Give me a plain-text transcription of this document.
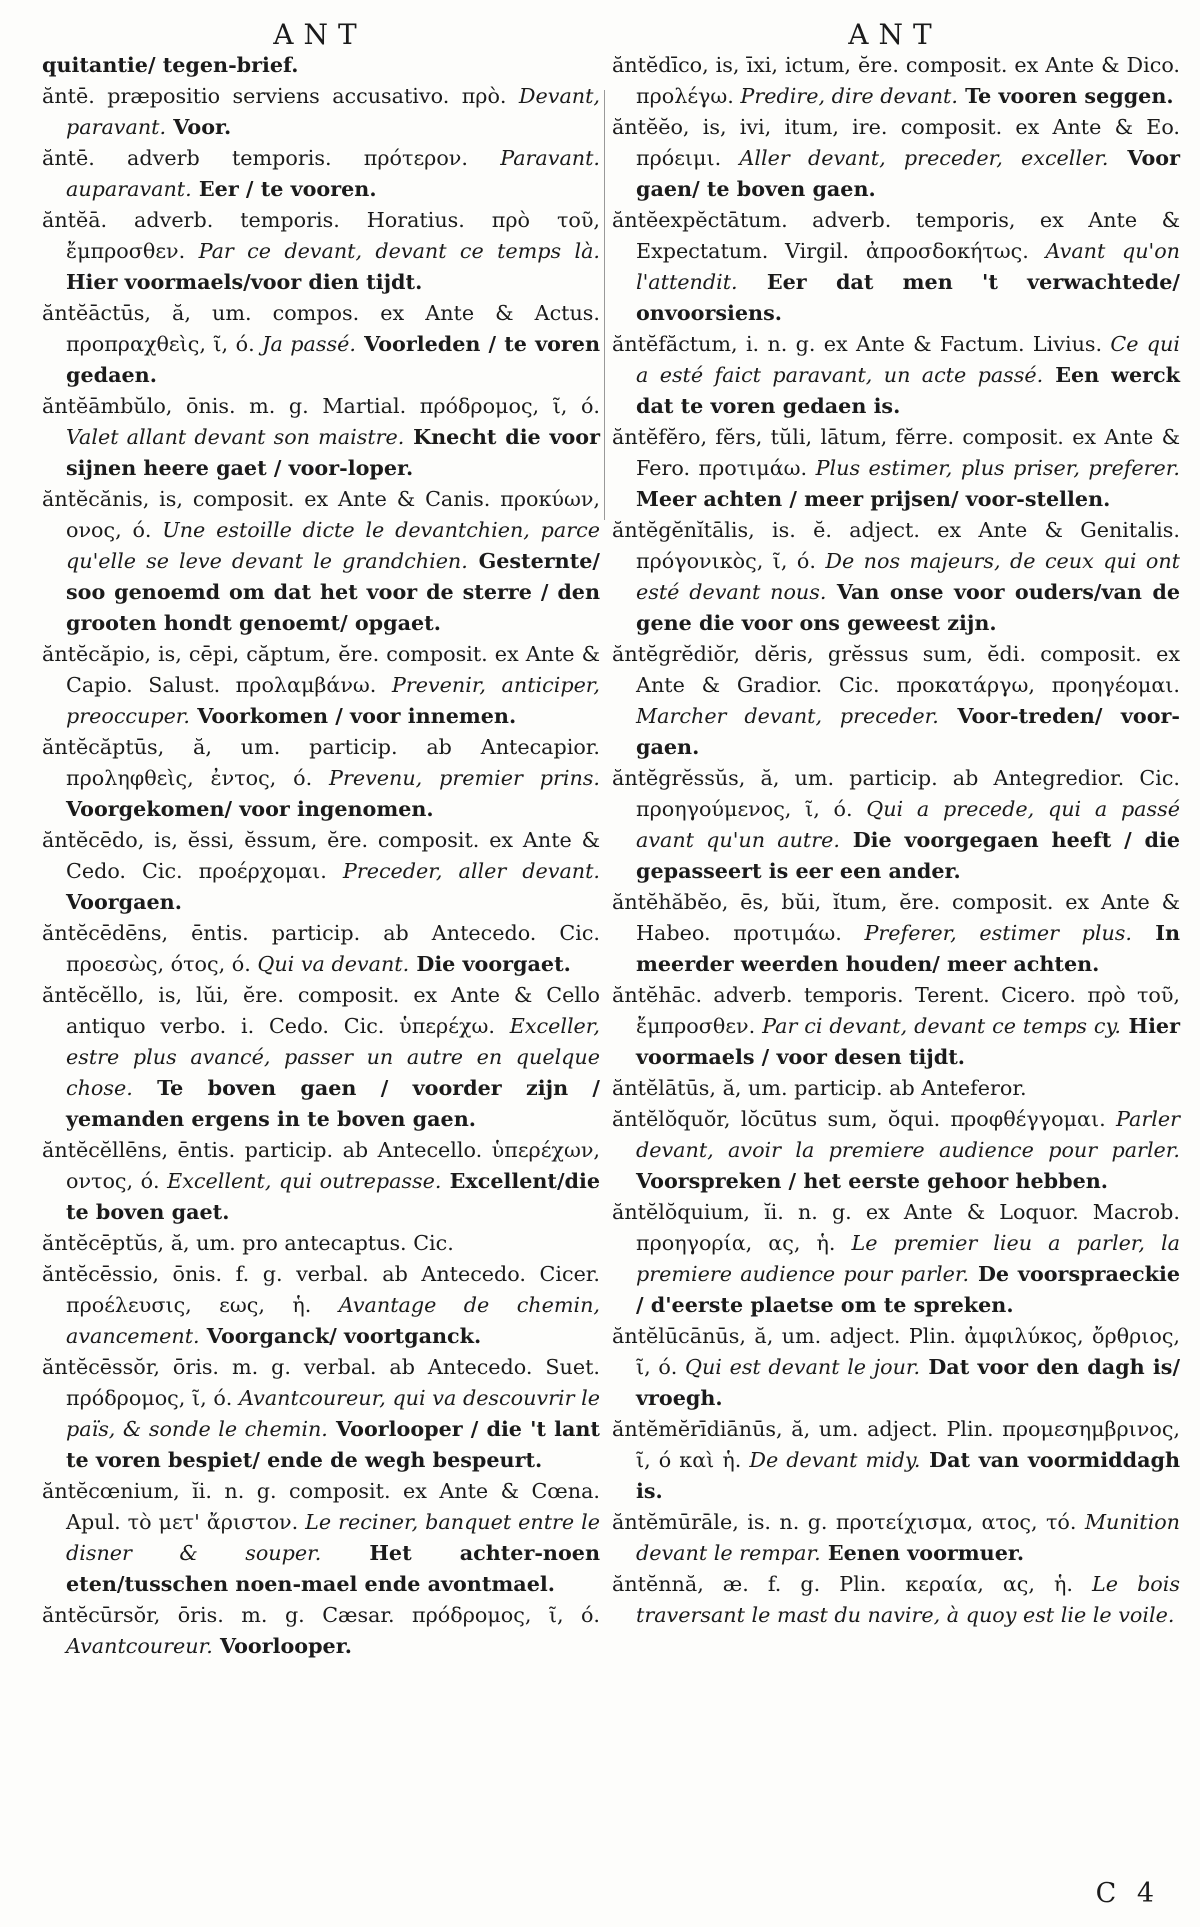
ANT	ANT

quitantie/ tegen-brief.

ăntē. præpositio serviens accusativo. πρὸ. Devant, paravant. Voor.

ăntē. adverb temporis. πρότερον. Paravant. auparavant. Eer / te vooren.

ăntĕā. adverb. temporis. Horatius. πρὸ τοῦ, ἔμπροσθεν. Par ce devant, devant ce temps là. Hier voormaels/voor dien tijdt.

ăntĕāctūs, ă, um. compos. ex Ante & Actus. πρoπραχθεὶς, ῖ, ό. Ja passé. Voorleden / te voren gedaen.

ăntĕāmbŭlo, ōnis. m. g. Martial. πρόδρομος, ῖ, ό. Valet allant devant son maistre. Knecht die voor sijnen heere gaet / voor-loper.

ăntĕcănis, is, composit. ex Ante & Canis. πρoκύων, ονος, ό. Une estoille dicte le devantchien, parce qu'elle se leve devant le grandchien. Gesternte/ soo genoemd om dat het voor de sterre / den grooten hondt genoemt/ opgaet.

ăntĕcăpio, is, cēpi, căptum, ĕre. composit. ex Ante & Capio. Salust. προλαμβάνω. Prevenir, anticiper, preoccuper. Voorkomen / voor innemen.

ăntĕcăptūs, ă, um. particip. ab Antecapior. προληφθεὶς, ἐντος, ό. Prevenu, premier prins. Voorgekomen/ voor ingenomen.

ăntĕcēdo, is, ĕssi, ĕssum, ĕre. composit. ex Ante & Cedo. Cic. προέρχομαι. Preceder, aller devant. Voorgaen.

ăntĕcēdēns, ēntis. particip. ab Antecedo. Cic. προεσὼς, ότος, ό. Qui va devant. Die voorgaet.

ăntĕcĕllo, is, lŭi, ĕre. composit. ex Ante & Cello antiquo verbo. i. Cedo. Cic. ὑπερέχω. Exceller, estre plus avancé, passer un autre en quelque chose. Te boven gaen / voorder zijn / yemanden ergens in te boven gaen.

ăntĕcĕllēns, ēntis. particip. ab Antecello. ὑπερέχων, οντος, ό. Excellent, qui outrepasse. Excellent/die te boven gaet.

ăntĕcēptŭs, ă, um. pro antecaptus. Cic.

ăntĕcēssio, ōnis. f. g. verbal. ab Antecedo. Cicer. προέλευσις, εως, ἡ. Avantage de chemin, avancement. Voorganck/ voortganck.

ăntĕcēssŏr, ōris. m. g. verbal. ab Antecedo. Suet. πρόδρομος, ῖ, ό. Avantcoureur, qui va descouvrir le païs, & sonde le chemin. Voorlooper / die 't lant te voren bespiet/ ende de wegh bespeurt.

ăntĕcœnium, ĭi. n. g. composit. ex Ante & Cœna. Apul. τὸ μετ' ἄριστον. Le reciner, banquet entre le disner & souper. Het achter-noen eten/tusschen noen-mael ende avontmael.

ăntĕcūrsŏr, ōris. m. g. Cæsar. πρόδρομος, ῖ, ό. Avantcoureur. Voorlooper.

ăntĕdīco, is, īxi, ictum, ĕre. composit. ex Ante & Dico. προλέγω. Predire, dire devant. Te vooren seggen.

ăntĕĕo, is, ivi, itum, ire. composit. ex Ante & Eo. πρόειμι. Aller devant, preceder, exceller. Voor gaen/ te boven gaen.

ăntĕexpĕctātum. adverb. temporis, ex Ante & Expectatum. Virgil. ἀπροσδοκήτως. Avant qu'on l'attendit. Eer dat men 't verwachtede/ onvoorsiens.

ăntĕfăctum, i. n. g. ex Ante & Factum. Livius. Ce qui a esté faict paravant, un acte passé. Een werck dat te voren gedaen is.

ăntĕfĕro, fĕrs, tŭli, lātum, fĕrre. composit. ex Ante & Fero. προτιμάω. Plus estimer, plus priser, preferer. Meer achten / meer prijsen/ voor-stellen.

ăntĕgĕnĭtālis, is. ĕ. adject. ex Ante & Genitalis. πρόγονικὸς, ῖ, ό. De nos majeurs, de ceux qui ont esté devant nous. Van onse voor ouders/van de gene die voor ons geweest zijn.

ăntĕgrĕdiŏr, dĕris, grĕssus sum, ĕdi. composit. ex Ante & Gradior. Cic. προκατάργω, προηγέομαι. Marcher devant, preceder. Voor-treden/ voor-gaen.

ăntĕgrĕssŭs, ă, um. particip. ab Antegredior. Cic. προηγούμενος, ῖ, ό. Qui a precede, qui a passé avant qu'un autre. Die voorgegaen heeft / die gepasseert is eer een ander.

ăntĕhăbĕo, ēs, bŭi, ĭtum, ĕre. composit. ex Ante & Habeo. προτιμάω. Preferer, estimer plus. In meerder weerden houden/ meer achten.

ăntĕhāc. adverb. temporis. Terent. Cicero. πρὸ τοῦ, ἔμπροσθεν. Par ci devant, devant ce temps cy. Hier voormaels / voor desen tijdt.

ăntĕlātūs, ă, um. particip. ab Anteferor.

ăntĕlŏquŏr, lŏcūtus sum, ŏqui. προφθέγγομαι. Parler devant, avoir la premiere audience pour parler. Voorspreken / het eerste gehoor hebben.

ăntĕlŏquium, ĭi. n. g. ex Ante & Loquor. Macrob. προηγορία, ας, ἡ. Le premier lieu a parler, la premiere audience pour parler. De voorspraeckie / d'eerste plaetse om te spreken.

ăntĕlūcānūs, ă, um. adject. Plin. ἀμφιλύκος, ὄρθριος, ῖ, ό. Qui est devant le jour. Dat voor den dagh is/ vroegh.

ăntĕmĕrīdiānūs, ă, um. adject. Plin. προμεσημβρινος, ῖ, ό καὶ ἡ. De devant midy. Dat van voormiddagh is.

ăntĕmūrāle, is. n. g. προτείχισμα, ατος, τό. Munition devant le rempar. Eenen voormuer.

ăntĕnnă, æ. f. g. Plin. κεραία, ας, ἡ. Le bois traversant le mast du navire, à quoy est lie le voile.

C 4
